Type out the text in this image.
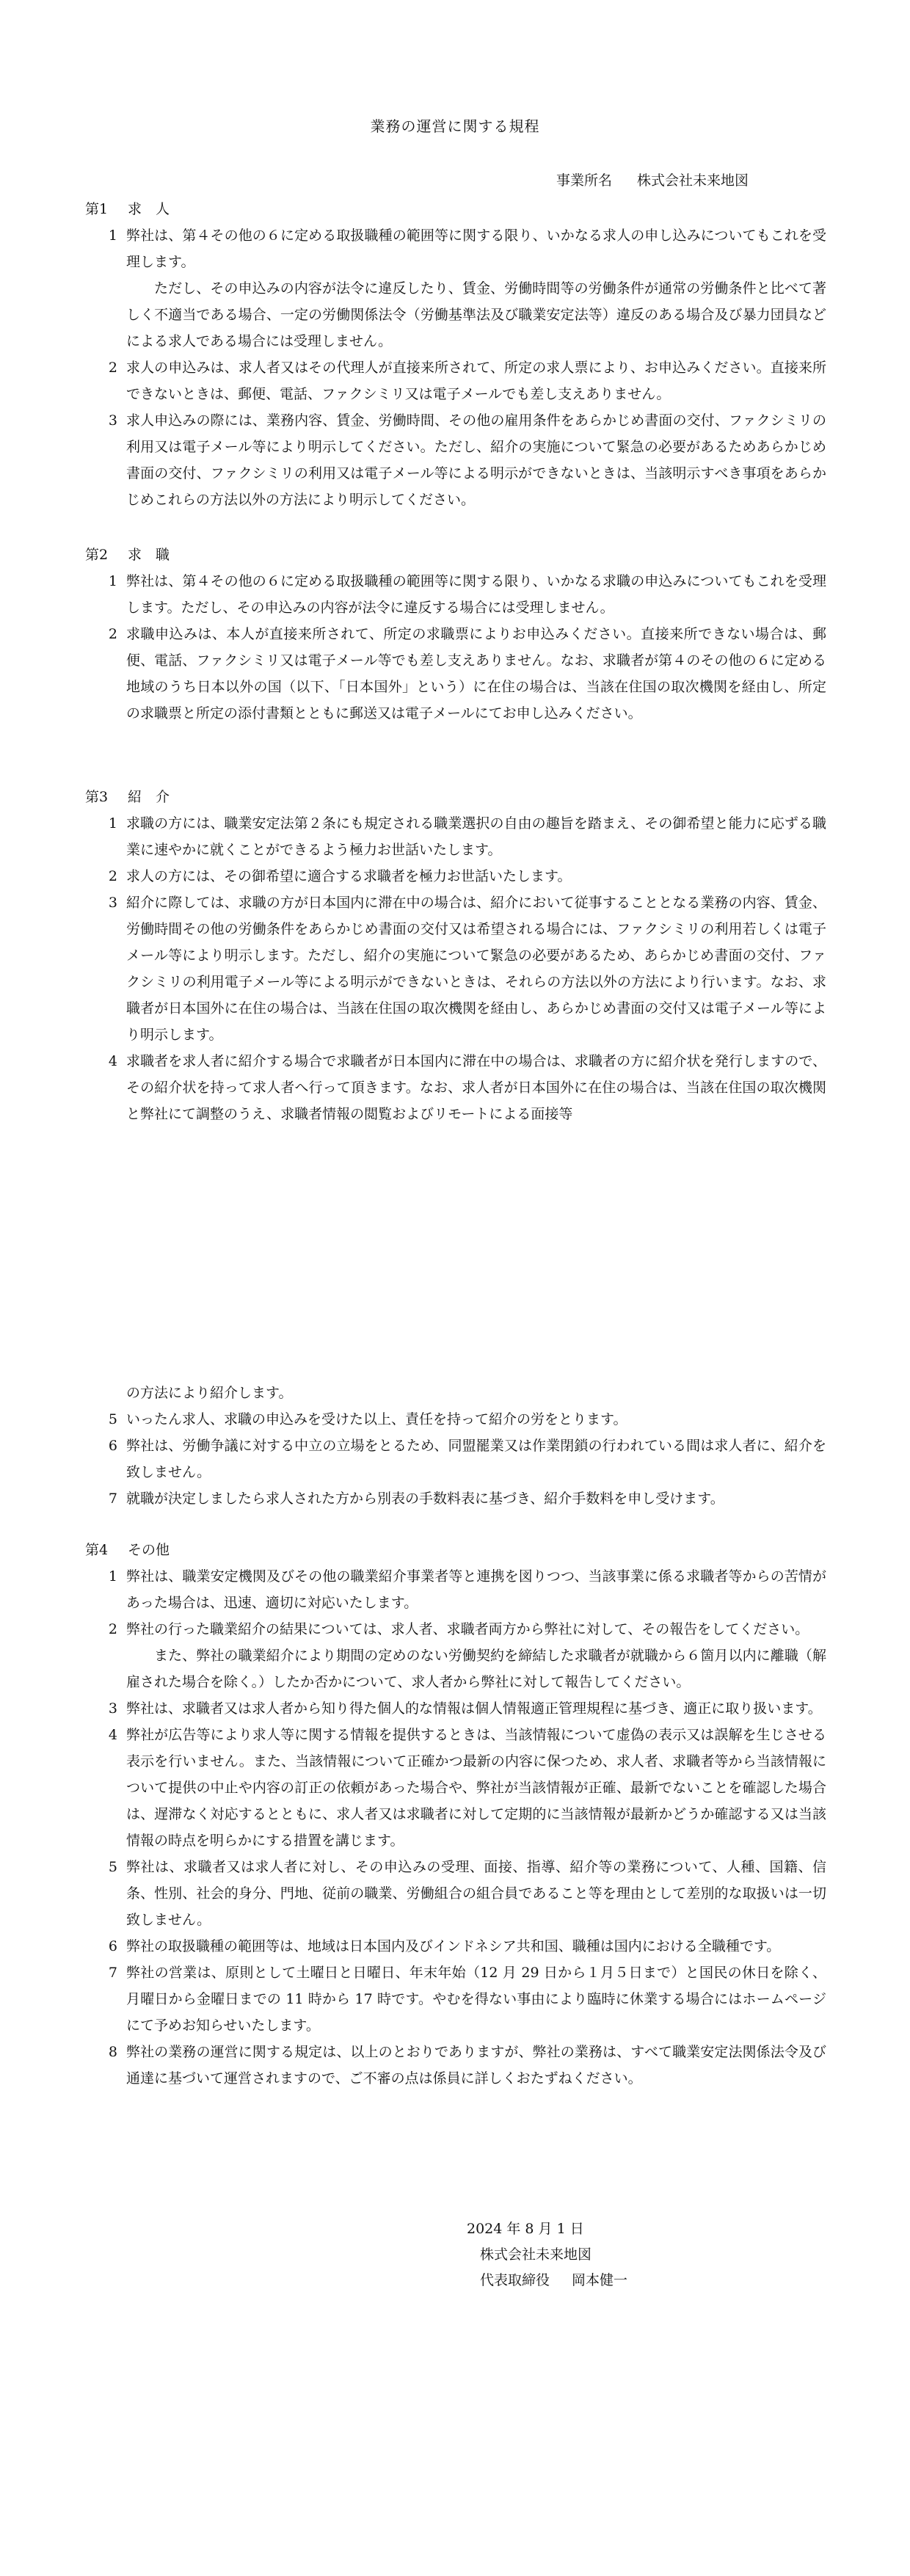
業務の運営に関する規程
事業所名 株式会社未来地図
第1 求　人
1 弊社は、第４その他の６に定める取扱職種の範囲等に関する限り、いかなる求人の申し込みについてもこれを受理します。
ただし、その申込みの内容が法令に違反したり、賃金、労働時間等の労働条件が通常の労働条件と比べて著しく不適当である場合、一定の労働関係法令（労働基準法及び職業安定法等）違反のある場合及び暴力団員などによる求人である場合には受理しません。
2 求人の申込みは、求人者又はその代理人が直接来所されて、所定の求人票により、お申込みください。直接来所できないときは、郵便、電話、ファクシミリ又は電子メールでも差し支えありません。
3 求人申込みの際には、業務内容、賃金、労働時間、その他の雇用条件をあらかじめ書面の交付、ファクシミリの利用又は電子メール等により明示してください。ただし、紹介の実施について緊急の必要があるためあらかじめ書面の交付、ファクシミリの利用又は電子メール等による明示ができないときは、当該明示すべき事項をあらかじめこれらの方法以外の方法により明示してください。
第2 求　職
1 弊社は、第４その他の６に定める取扱職種の範囲等に関する限り、いかなる求職の申込みについてもこれを受理します。ただし、その申込みの内容が法令に違反する場合には受理しません。
2 求職申込みは、本人が直接来所されて、所定の求職票によりお申込みください。直接来所できない場合は、郵便、電話、ファクシミリ又は電子メール等でも差し支えありません。なお、求職者が第４のその他の６に定める地域のうち日本以外の国（以下、「日本国外」という）に在住の場合は、当該在住国の取次機関を経由し、所定の求職票と所定の添付書類とともに郵送又は電子メールにてお申し込みください。
第3 紹　介
1 求職の方には、職業安定法第２条にも規定される職業選択の自由の趣旨を踏まえ、その御希望と能力に応ずる職業に速やかに就くことができるよう極力お世話いたします。
2 求人の方には、その御希望に適合する求職者を極力お世話いたします。
3 紹介に際しては、求職の方が日本国内に滞在中の場合は、紹介において従事することとなる業務の内容、賃金、労働時間その他の労働条件をあらかじめ書面の交付又は希望される場合には、ファクシミリの利用若しくは電子メール等により明示します。ただし、紹介の実施について緊急の必要があるため、あらかじめ書面の交付、ファクシミリの利用電子メール等による明示ができないときは、それらの方法以外の方法により行います。なお、求職者が日本国外に在住の場合は、当該在住国の取次機関を経由し、あらかじめ書面の交付又は電子メール等により明示します。
4 求職者を求人者に紹介する場合で求職者が日本国内に滞在中の場合は、求職者の方に紹介状を発行しますので、その紹介状を持って求人者へ行って頂きます。なお、求人者が日本国外に在住の場合は、当該在住国の取次機関と弊社にて調整のうえ、求職者情報の閲覧およびリモートによる面接等
の方法により紹介します。
5 いったん求人、求職の申込みを受けた以上、責任を持って紹介の労をとります。
6 弊社は、労働争議に対する中立の立場をとるため、同盟罷業又は作業閉鎖の行われている間は求人者に、紹介を致しません。
7 就職が決定しましたら求人された方から別表の手数料表に基づき、紹介手数料を申し受けます。
第4 その他
1 弊社は、職業安定機関及びその他の職業紹介事業者等と連携を図りつつ、当該事業に係る求職者等からの苦情があった場合は、迅速、適切に対応いたします。
2 弊社の行った職業紹介の結果については、求人者、求職者両方から弊社に対して、その報告をしてください。
また、弊社の職業紹介により期間の定めのない労働契約を締結した求職者が就職から６箇月以内に離職（解雇された場合を除く。）したか否かについて、求人者から弊社に対して報告してください。
3 弊社は、求職者又は求人者から知り得た個人的な情報は個人情報適正管理規程に基づき、適正に取り扱います。
4 弊社が広告等により求人等に関する情報を提供するときは、当該情報について虚偽の表示又は誤解を生じさせる表示を行いません。また、当該情報について正確かつ最新の内容に保つため、求人者、求職者等から当該情報について提供の中止や内容の訂正の依頼があった場合や、弊社が当該情報が正確、最新でないことを確認した場合は、遅滞なく対応するとともに、求人者又は求職者に対して定期的に当該情報が最新かどうか確認する又は当該情報の時点を明らかにする措置を講じます。
5 弊社は、求職者又は求人者に対し、その申込みの受理、面接、指導、紹介等の業務について、人種、国籍、信条、性別、社会的身分、門地、従前の職業、労働組合の組合員であること等を理由として差別的な取扱いは一切致しません。
6 弊社の取扱職種の範囲等は、地域は日本国内及びインドネシア共和国、職種は国内における全職種です。
7 弊社の営業は、原則として土曜日と日曜日、年末年始（12 月 29 日から１月５日まで）と国民の休日を除く、月曜日から金曜日までの 11 時から 17 時です。やむを得ない事由により臨時に休業する場合にはホームページにて予めお知らせいたします。
8 弊社の業務の運営に関する規定は、以上のとおりでありますが、弊社の業務は、すべて職業安定法関係法令及び通達に基づいて運営されますので、ご不審の点は係員に詳しくおたずねください。
2024 年 8 月 1 日
株式会社未来地図
代表取締役 岡本健一
